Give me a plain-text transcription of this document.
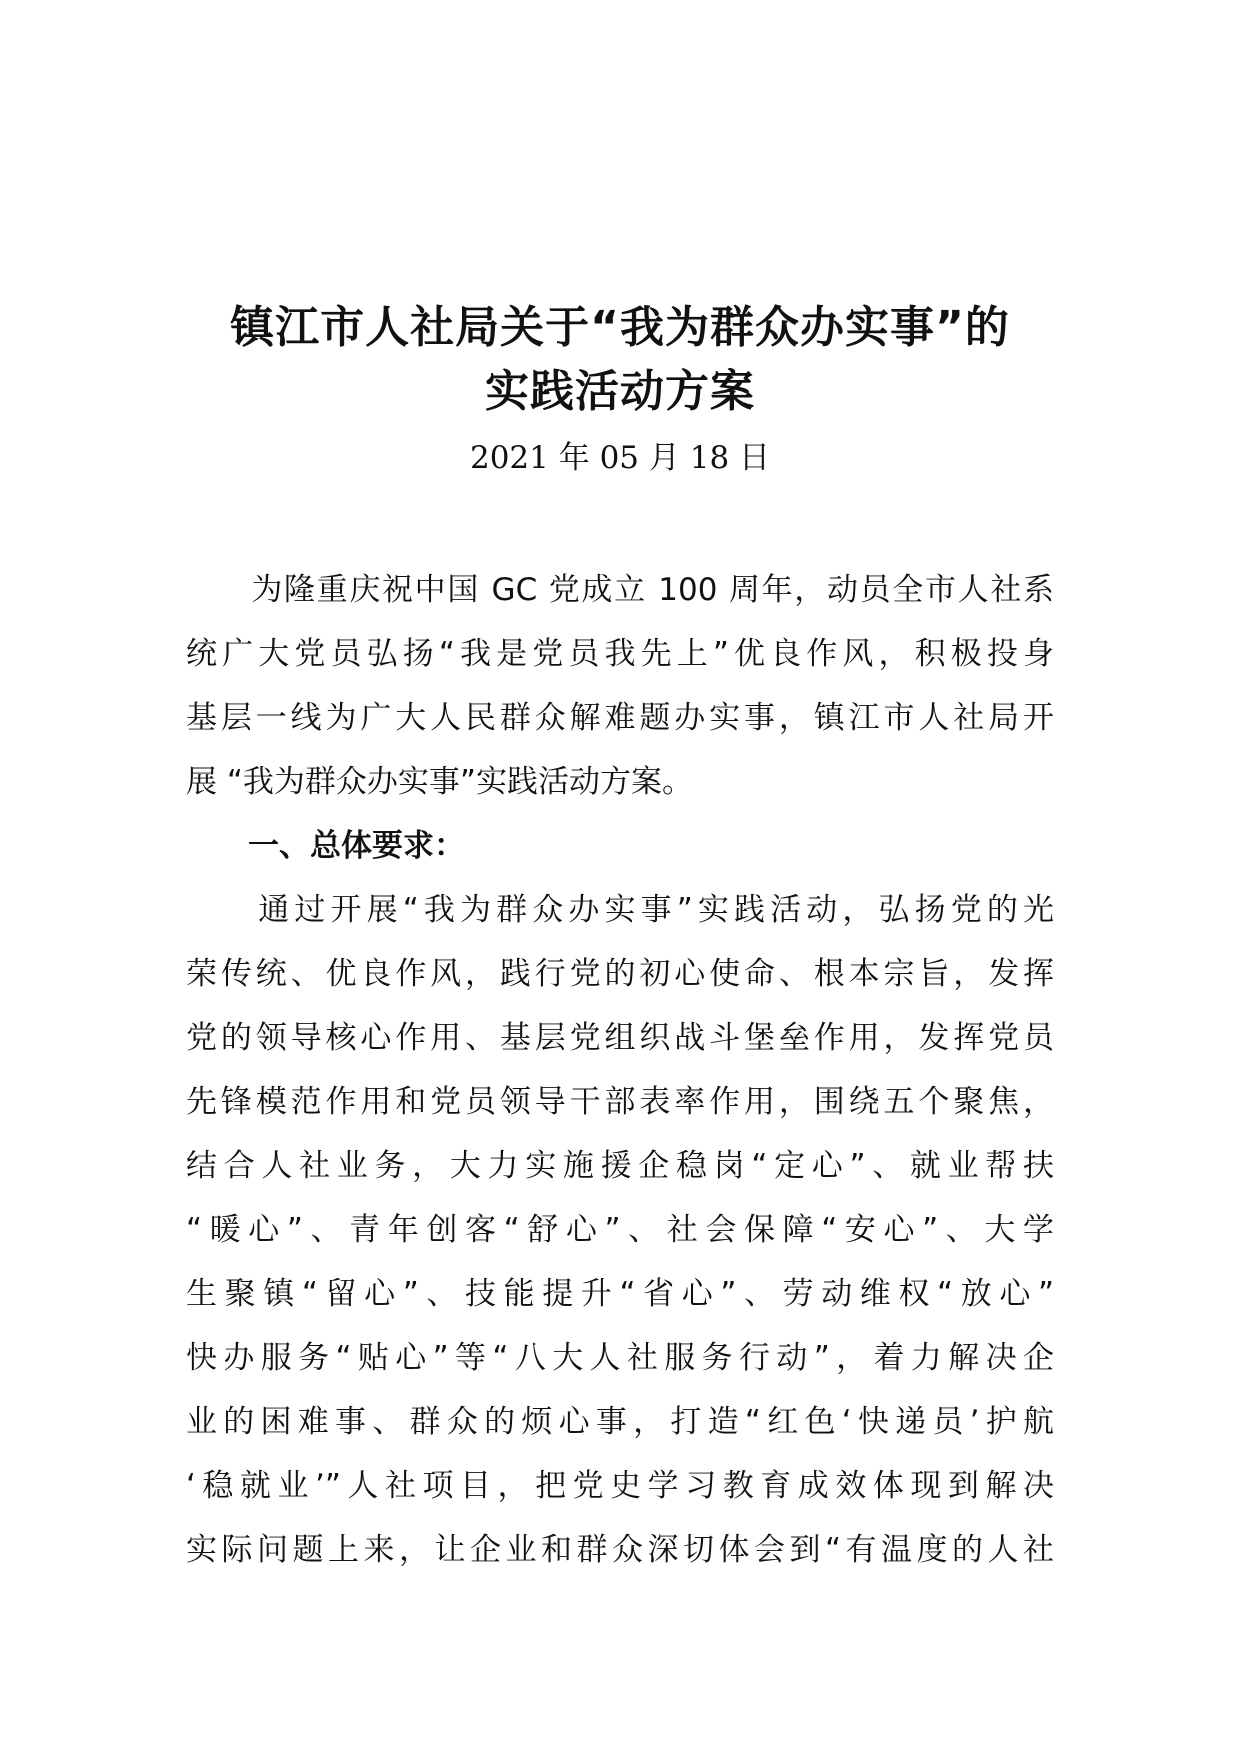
镇江市人社局关于“我为群众办实事”的
实践活动方案
2021 年 05 月 18 日
　　为隆重庆祝中国 GC 党成立 100 周年，动员全市人社系
统广大党员弘扬“我是党员我先上”优良作风，积极投身
基层一线为广大人民群众解难题办实事，镇江市人社局开
展 “我为群众办实事”实践活动方案。
一、总体要求：
　　通过开展“我为群众办实事”实践活动，弘扬党的光
荣传统、优良作风，践行党的初心使命、根本宗旨，发挥
党的领导核心作用、基层党组织战斗堡垒作用，发挥党员
先锋模范作用和党员领导干部表率作用，围绕五个聚焦，
结合人社业务，大力实施援企稳岗“定心”、就业帮扶
“暖心”、青年创客“舒心”、社会保障“安心”、大学
生聚镇“留心”、技能提升“省心”、劳动维权“放心”
快办服务“贴心”等“八大人社服务行动”，着力解决企
业的困难事、群众的烦心事，打造“红色‘快递员’护航
‘稳就业’”人社项目，把党史学习教育成效体现到解决
实际问题上来，让企业和群众深切体会到“有温度的人社
